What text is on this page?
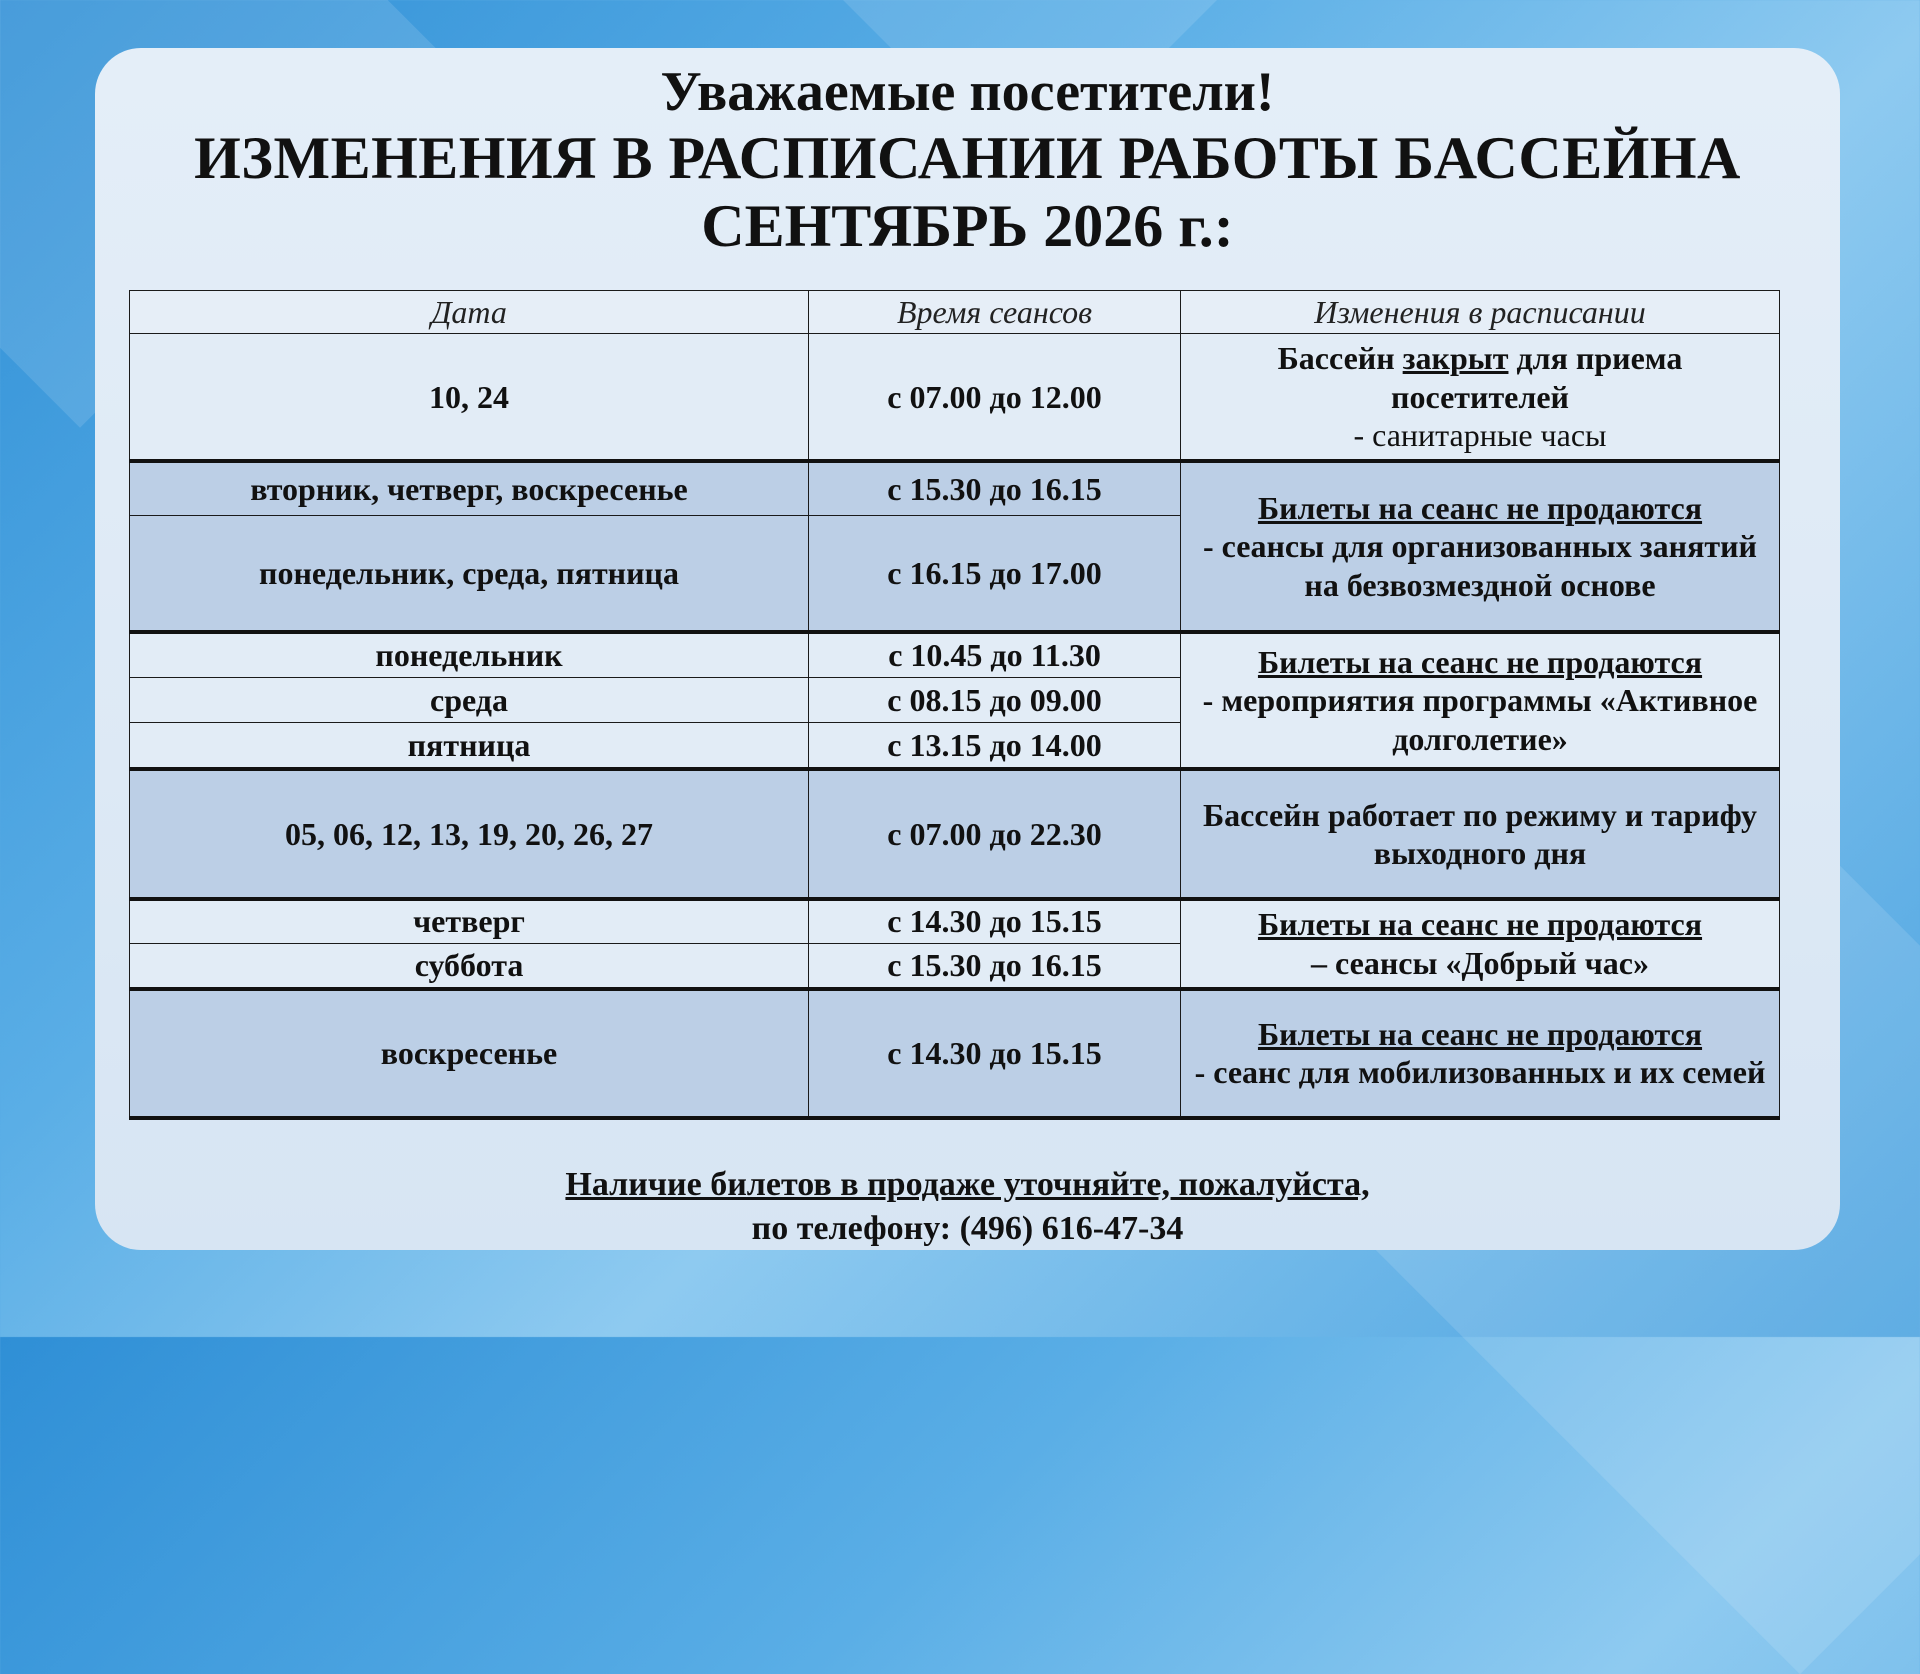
Уважаемые посетители!
ИЗМЕНЕНИЯ В РАСПИСАНИИ РАБОТЫ БАССЕЙНА
СЕНТЯБРЬ 2026 г.:
Дата	Время сеансов	Изменения в расписании
10, 24	с 07.00 до 12.00	Бассейн закрыт для приема посетителей
- санитарные часы

вторник, четверг, воскресенье	с 15.30 до 16.15	Билеты на сеанс не продаются
- сеансы для организованных занятий на безвозмездной основе

понедельник, среда, пятница	с 16.15 до 17.00	
понедельник	с 10.45 до 11.30	Билеты на сеанс не продаются
- мероприятия программы «Активное долголетие»

среда	с 08.15 до 09.00	
пятница	с 13.15 до 14.00	
05, 06, 12, 13, 19, 20, 26, 27	с 07.00 до 22.30	Бассейн работает по режиму и тарифу выходного дня
четверг	с 14.30 до 15.15	Билеты на сеанс не продаются
– сеансы «Добрый час»

суббота	с 15.30 до 16.15	
воскресенье	с 14.30 до 15.15	Билеты на сеанс не продаются
- сеанс для мобилизованных и их семей
Наличие билетов в продаже уточняйте, пожалуйста,
по телефону: (496) 616-47-34
